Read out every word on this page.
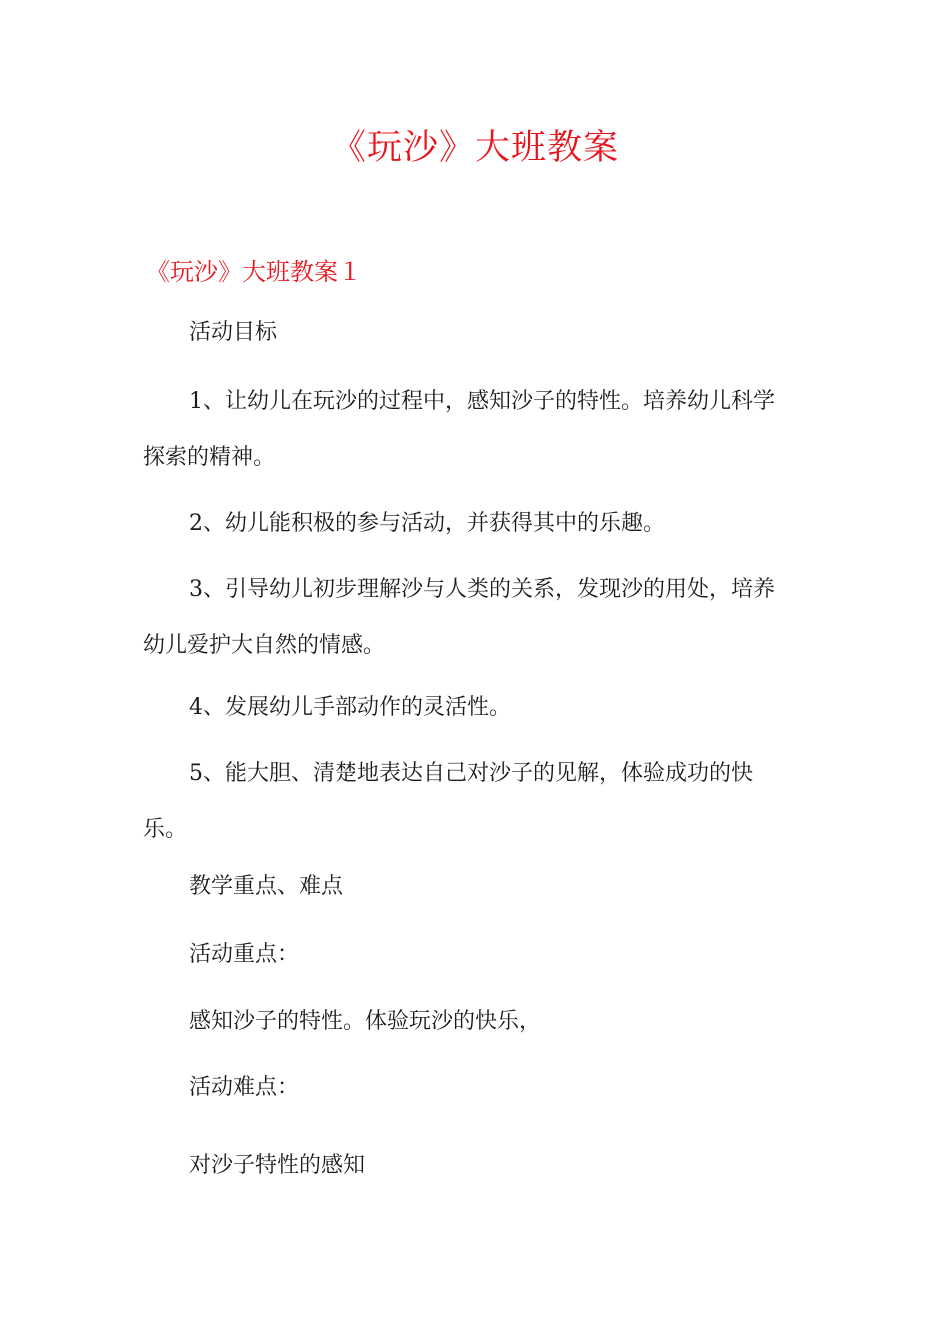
《玩沙》大班教案
《玩沙》大班教案１

活动目标

1、让幼儿在玩沙的过程中，感知沙子的特性。培养幼儿科学探索的精神。

2、幼儿能积极的参与活动，并获得其中的乐趣。

3、引导幼儿初步理解沙与人类的关系，发现沙的用处，培养幼儿爱护大自然的情感。

4、发展幼儿手部动作的灵活性。

5、能大胆、清楚地表达自己对沙子的见解，体验成功的快乐。

教学重点、难点

活动重点：

感知沙子的特性。体验玩沙的快乐，

活动难点：

对沙子特性的感知
